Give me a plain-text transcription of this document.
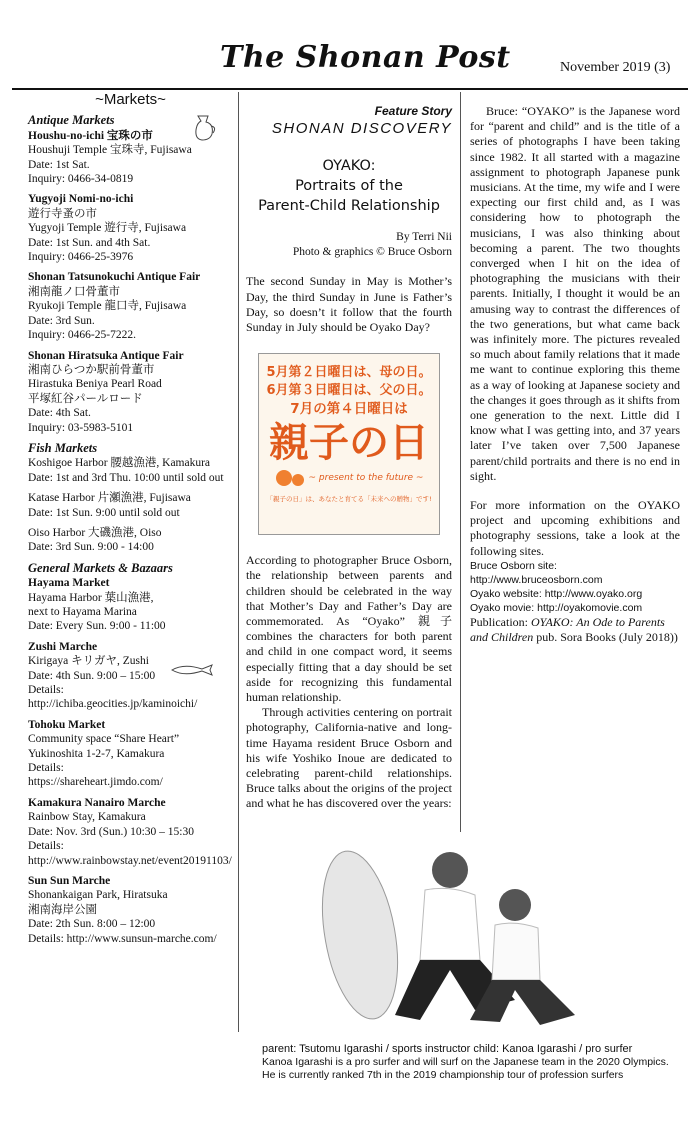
The Shonan Post	November 2019 (3)
~Markets~
Antique Markets
Houshu-no-ichi 宝珠の市
Houshuji Temple 宝珠寺, Fujisawa
Date: 1st Sat.
Inquiry: 0466-34-0819
Yugyoji Nomi-no-ichi
遊行寺蚤の市
Yugyoji Temple 遊行寺, Fujisawa
Date: 1st Sun. and 4th Sat.
Inquiry: 0466-25-3976
Shonan Tatsunokuchi Antique Fair
湘南龍ノ口骨董市
Ryukoji Temple 龍口寺, Fujisawa
Date: 3rd Sun.
Inquiry: 0466-25-7222.
Shonan Hiratsuka Antique Fair
湘南ひらつか駅前骨董市
Hirastuka Beniya Pearl Road
平塚紅谷パールロード
Date: 4th Sat.
Inquiry: 03-5983-5101
Fish Markets
Koshigoe Harbor 腰越漁港, Kamakura
Date: 1st and 3rd Thu. 10:00 until sold out
Katase Harbor 片瀬漁港, Fujisawa
Date: 1st Sun. 9:00 until sold out
Oiso Harbor 大磯漁港, Oiso
Date: 3rd Sun. 9:00 - 14:00
General Markets & Bazaars
Hayama Market
Hayama Harbor 葉山漁港,
next to Hayama Marina
Date: Every Sun. 9:00 - 11:00
Zushi Marche
Kirigaya キリガヤ, Zushi
Date: 4th Sun. 9:00 – 15:00
Details:
http://ichiba.geocities.jp/kaminoichi/
Tohoku Market
Community space “Share Heart”
Yukinoshita 1-2-7, Kamakura
Details:
https://shareheart.jimdo.com/
Kamakura Nanairo Marche
Rainbow Stay, Kamakura
Date: Nov. 3rd (Sun.) 10:30 – 15:30
Details:
http://www.rainbowstay.net/event20191103/
Sun Sun Marche
Shonankaigan Park, Hiratsuka
湘南海岸公園
Date: 2th Sun. 8:00 – 12:00
Details: http://www.sunsun-marche.com/
Feature Story
SHONAN DISCOVERY
OYAKO:
Portraits of the
Parent-Child Relationship
By Terri Nii
Photo & graphics © Bruce Osborn

The second Sunday in May is Mother’s Day, the third Sunday in June is Father’s Day, so doesn’t it follow that the fourth Sunday in July should be Oyako Day?

5月第２日曜日は、母の日。
6月第３日曜日は、父の日。
7月の第４日曜日は
親子の日
~ present to the future ~
「親子の日」は、あなたと育てる「未来への贈物」です!

According to photographer Bruce Osborn, the relationship between parents and children should be celebrated in the way that Mother’s Day and Father’s Day are commemorated. As “Oyako” 親子 combines the characters for both parent and child in one compact word, it seems especially fitting that a day should be set aside for recognizing this fundamental human relationship.

Through activities centering on portrait photography, California-native and long-time Hayama resident Bruce Osborn and his wife Yoshiko Inoue are dedicated to celebrating parent-child relationships. Bruce talks about the origins of the project and what he has discovered over the years:

Bruce: “OYAKO” is the Japanese word for “parent and child” and is the title of a series of photographs I have been taking since 1982. It all started with a magazine assignment to photograph Japanese punk musicians. At the time, my wife and I were expecting our first child and, as I was considering how to photograph the musicians, I was also thinking about becoming a parent. The two thoughts converged when I hit on the idea of photographing the musicians with their parents. Initially, I thought it would be an amusing way to contrast the differences of the two generations, but what came back was infinitely more. The pictures revealed so much about family relations that it made me want to continue exploring this theme as a way of looking at Japanese society and the changes it goes through as it shifts from one generation to the next. Little did I know what I was getting into, and 37 years later I’ve taken over 7,500 Japanese parent/child portraits and there is no end in sight.

For more information on the OYAKO project and upcoming exhibitions and photography sessions, take a look at the following sites.

Bruce Osborn site:
http://www.bruceosborn.com
Oyako website: http://www.oyako.org
Oyako movie: http://oyakomovie.com
Publication: OYAKO: An Ode to Parents and Children pub. Sora Books (July 2018))
parent: Tsutomu Igarashi / sports instructor child: Kanoa Igarashi / pro surfer
Kanoa Igarashi is a pro surfer and will surf on the Japanese team in the 2020 Olympics. He is currently ranked 7th in the 2019 championship tour of profession surfers
